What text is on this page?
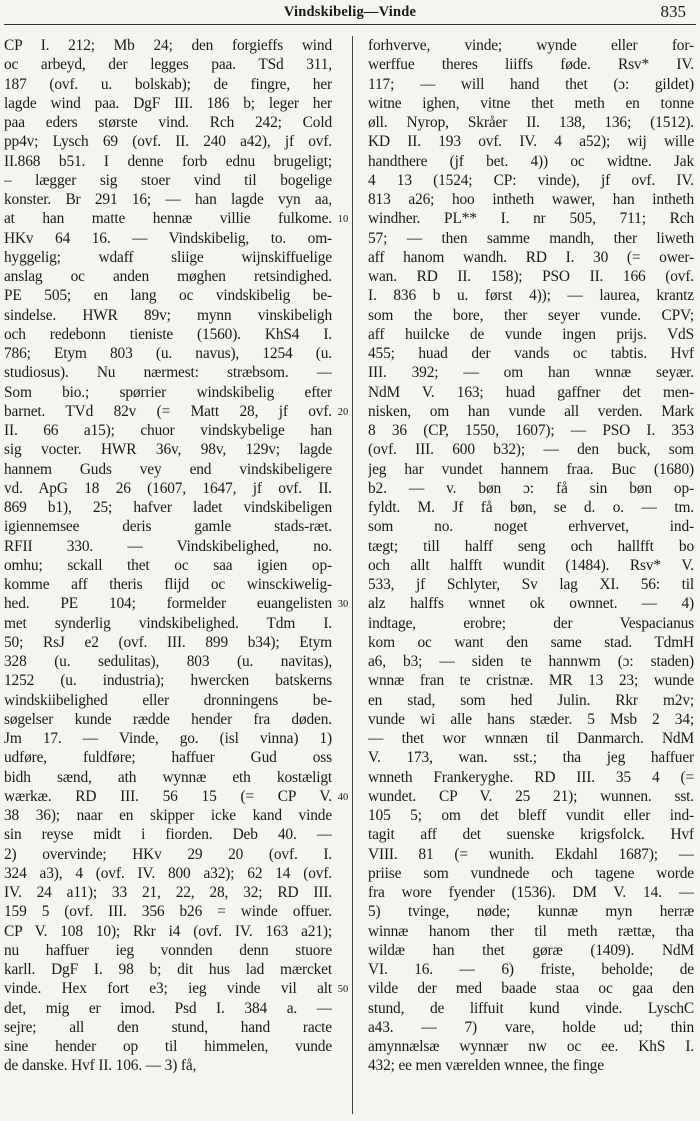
Vindskibelig—Vinde	835
CP I. 212; Mb 24; den forgieffs wind
oc arbeyd, der legges paa. TSd 311,
187 (ovf. u. bolskab); de fingre, her
lagde wind paa. DgF III. 186 b; leger her
paa eders største vind. Rch 242; Cold
pp4v; Lysch 69 (ovf. II. 240 a42), jf ovf.
II.868 b51. I denne forb ednu brugeligt;
– lægger sig stoer vind til bogelige
konster. Br 291 16; — han lagde vyn aa,
at han matte hennæ villie fulkome.
HKv 64 16. — Vindskibelig, to. om-
hyggelig; wdaff sliige wijnskiffuelige
anslag oc anden møghen retsindighed.
PE 505; en lang oc vindskibelig be-
sindelse. HWR 89v; mynn vinskibeligh
och redebonn tieniste (1560). KhS4 I.
786; Etym 803 (u. navus), 1254 (u.
studiosus). Nu nærmest: stræbsom. —
Som bio.; spørrier windskibelig efter
barnet. TVd 82v (= Matt 28, jf ovf.
II. 66 a15); chuor vindskybelige han
sig vocter. HWR 36v, 98v, 129v; lagde
hannem Guds vey end vindskibeligere
vd. ApG 18 26 (1607, 1647, jf ovf. II.
869 b1), 25; hafver ladet vindskibeligen
igiennemsee deris gamle stads-ræt.
RFII 330. — Vindskibelighed, no.
omhu; sckall thet oc saa igien op-
komme aff theris flijd oc winsckiwelig-
hed. PE 104; formelder euangelisten
met synderlig vindskibelighed. Tdm I.
50; RsJ e2 (ovf. III. 899 b34); Etym
328 (u. sedulitas), 803 (u. navitas),
1252 (u. industria); hwercken batskerns
windskiibelighed eller dronningens be-
søgelser kunde rædde hender fra døden.
Jm 17. — Vinde, go. (isl vinna) 1)
udføre, fuldføre; haffuer Gud oss
bidh sænd, ath wynnæ eth kostæligt
wærkæ. RD III. 56 15 (= CP V.
38 36); naar en skipper icke kand vinde
sin reyse midt i fiorden. Deb 40. —
2) overvinde; HKv 29 20 (ovf. I.
324 a3), 4 (ovf. IV. 800 a32); 62 14 (ovf.
IV. 24 a11); 33 21, 22, 28, 32; RD III.
159 5 (ovf. III. 356 b26 = winde offuer.
CP V. 108 10); Rkr i4 (ovf. IV. 163 a21);
nu haffuer ieg vonnden denn stuore
karll. DgF I. 98 b; dit hus lad mærcket
vinde. Hex fort e3; ieg vinde vil alt
det, mig er imod. Psd I. 384 a. —
sejre; all den stund, hand racte
sine hender op til himmelen, vunde
de danske. Hvf II. 106. — 3) få,
forhverve, vinde; wynde eller for-
werffue theres liiffs føde. Rsv* IV.
117; — will hand thet (ɔ: gildet)
witne ighen, vitne thet meth en tonne
øll. Nyrop, Skråer II. 138, 136; (1512).
KD II. 193 ovf. IV. 4 a52); wij wille
handthere (jf bet. 4)) oc widtne. Jak
4 13 (1524; CP: vinde), jf ovf. IV.
813 a26; hoo intheth wawer, han intheth
windher. PL** I. nr 505, 711; Rch
57; — then samme mandh, ther liweth
aff hanom wandh. RD I. 30 (= ower-
wan. RD II. 158); PSO II. 166 (ovf.
I. 836 b u. først 4)); — laurea, krantz
som the bore, ther seyer vunde. CPV;
aff huilcke de vunde ingen prijs. VdS
455; huad der vands oc tabtis. Hvf
III. 392; — om han wnnæ seyær.
NdM V. 163; huad gaffner det men-
nisken, om han vunde all verden. Mark
8 36 (CP, 1550, 1607); — PSO I. 353
(ovf. III. 600 b32); — den buck, som
jeg har vundet hannem fraa. Buc (1680)
b2. — v. bøn ɔ: få sin bøn op-
fyldt. M. Jf få bøn, se d. o. — tm.
som no. noget erhvervet, ind-
tægt; till halff seng och hallfft bo
och allt halfft wundit (1484). Rsv* V.
533, jf Schlyter, Sv lag XI. 56: til
alz halffs wnnet ok ownnet. — 4)
indtage, erobre; der Vespacianus
kom oc want den same stad. TdmH
a6, b3; — siden te hannwm (ɔ: staden)
wnnæ fran te cristnæ. MR 13 23; wunde
en stad, som hed Julin. Rkr m2v;
vunde wi alle hans stæder. 5 Msb 2 34;
— thet wor wnnæn til Danmarch. NdM
V. 173, wan. sst.; tha jeg haffuer
wnneth Frankeryghe. RD III. 35 4 (=
wundet. CP V. 25 21); wunnen. sst.
105 5; om det bleff vundit eller ind-
tagit aff det suenske krigsfolck. Hvf
VIII. 81 (= wunith. Ekdahl 1687); —
priise som vundnede och tagene worde
fra wore fyender (1536). DM V. 14. —
5) tvinge, nøde; kunnæ myn herræ
winnæ hanom ther til meth rættæ, tha
wildæ han thet gøræ (1409). NdM
VI. 16. — 6) friste, beholde; de
vilde der med baade staa oc gaa den
stund, de liffuit kund vinde. LyschC
a43. — 7) vare, holde ud; thin
amynnælsæ wynnær nw oc ee. KhS I.
432; ee men værelden wnnee, the finge
10
20
30
40
50
